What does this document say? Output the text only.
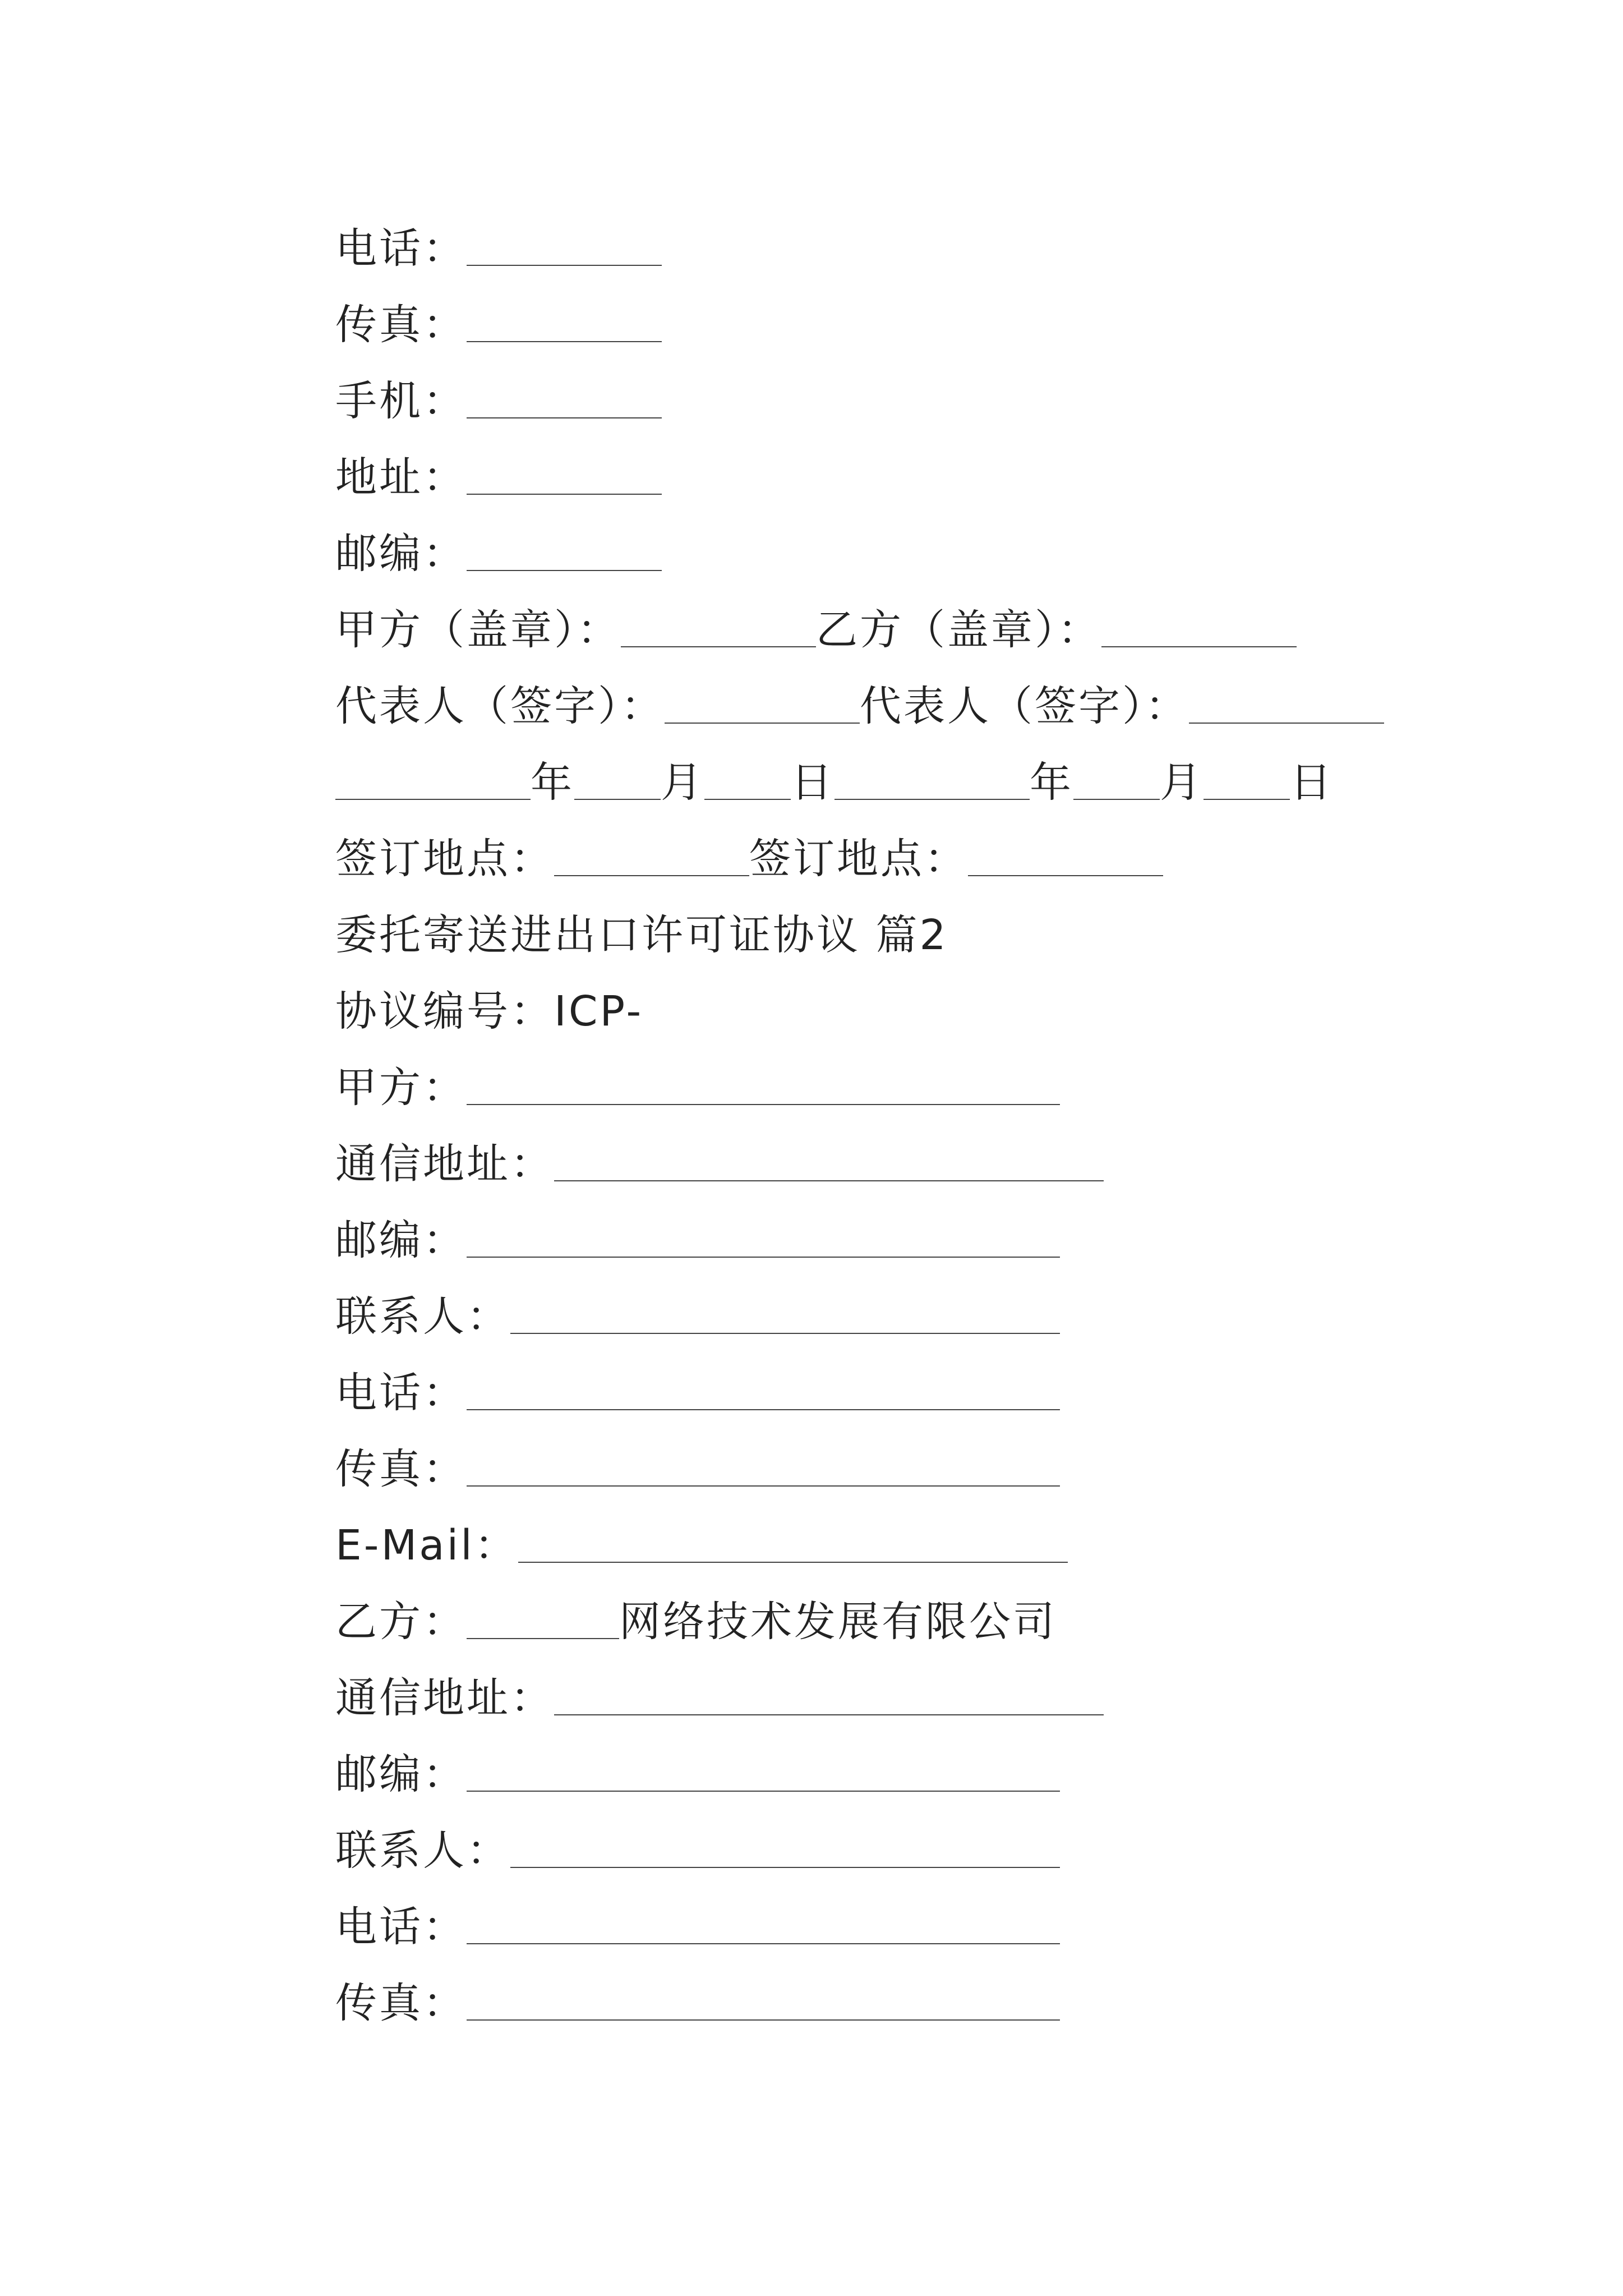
电话：
传真：
手机：
地址：
邮编：
甲方（盖章）：	乙方（盖章）：
代表人（签字）：	代表人（签字）：
年 月 日	年 月 日
签订地点：	签订地点：
委托寄送进出口许可证协议 篇2
协议编号：ICP-
甲方：
通信地址：
邮编：
联系人：
电话：
传真：
E-Mail：
乙方：	网络技术发展有限公司
通信地址：
邮编：
联系人：
电话：
传真：
